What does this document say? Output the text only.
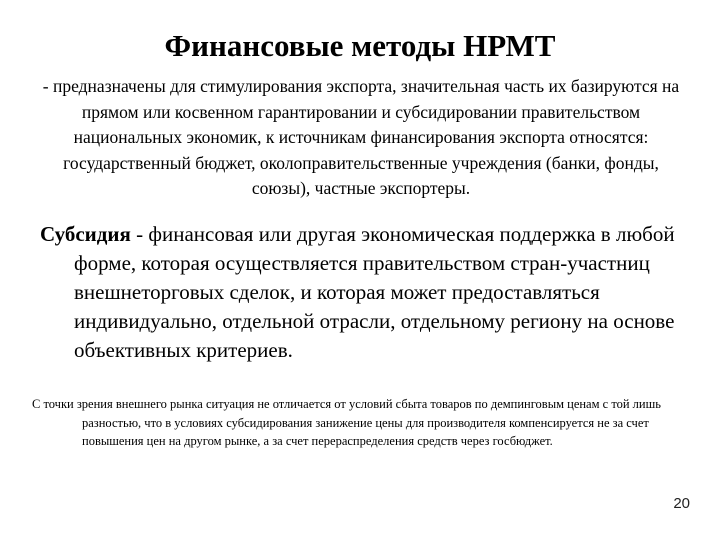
Финансовые методы НРМТ
- предназначены для стимулирования экспорта, значительная часть их базируются на прямом или косвенном гарантировании и субсидировании правительством национальных экономик, к источникам финансирования экспорта относятся: государственный бюджет, околоправительственные учреждения (банки, фонды, союзы), частные экспортеры.
Субсидия - финансовая или другая экономическая поддержка в любой форме, которая осуществляется правительством стран-участниц внешнеторговых сделок, и которая может предоставляться индивидуально, отдельной отрасли, отдельному региону на основе объективных критериев.
С точки зрения внешнего рынка ситуация не отличается от условий сбыта товаров по демпинговым ценам с той лишь разностью, что в условиях субсидирования занижение цены для производителя компенсируется не за счет повышения цен на другом рынке, а за счет перераспределения средств через госбюджет.
20
